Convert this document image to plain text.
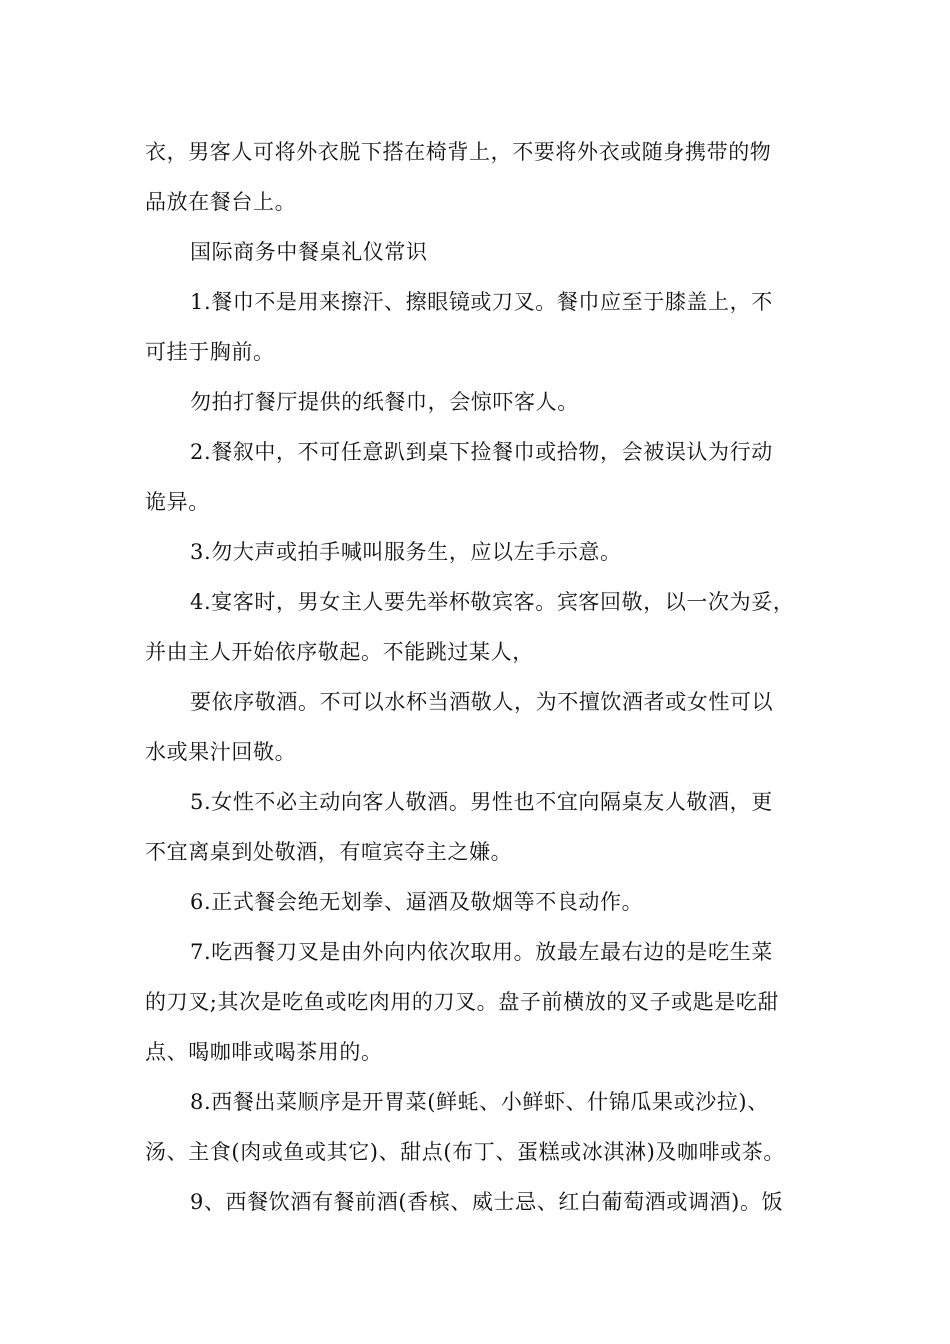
衣，男客人可将外衣脱下搭在椅背上，不要将外衣或随身携带的物
品放在餐台上。
国际商务中餐桌礼仪常识
1.餐巾不是用来擦汗、擦眼镜或刀叉。餐巾应至于膝盖上，不
可挂于胸前。
勿拍打餐厅提供的纸餐巾，会惊吓客人。
2.餐叙中，不可任意趴到桌下捡餐巾或拾物，会被误认为行动
诡异。
3.勿大声或拍手喊叫服务生，应以左手示意。
4.宴客时，男女主人要先举杯敬宾客。宾客回敬，以一次为妥，
并由主人开始依序敬起。不能跳过某人，
要依序敬酒。不可以水杯当酒敬人，为不擅饮酒者或女性可以
水或果汁回敬。
5.女性不必主动向客人敬酒。男性也不宜向隔桌友人敬酒，更
不宜离桌到处敬酒，有喧宾夺主之嫌。
6.正式餐会绝无划拳、逼酒及敬烟等不良动作。
7.吃西餐刀叉是由外向内依次取用。放最左最右边的是吃生菜
的刀叉;其次是吃鱼或吃肉用的刀叉。盘子前横放的叉子或匙是吃甜
点、喝咖啡或喝茶用的。
8.西餐出菜顺序是开胃菜(鲜蚝、小鲜虾、什锦瓜果或沙拉)、
汤、主食(肉或鱼或其它)、甜点(布丁、蛋糕或冰淇淋)及咖啡或茶。
9、西餐饮酒有餐前酒(香槟、威士忌、红白葡萄酒或调酒)。饭
